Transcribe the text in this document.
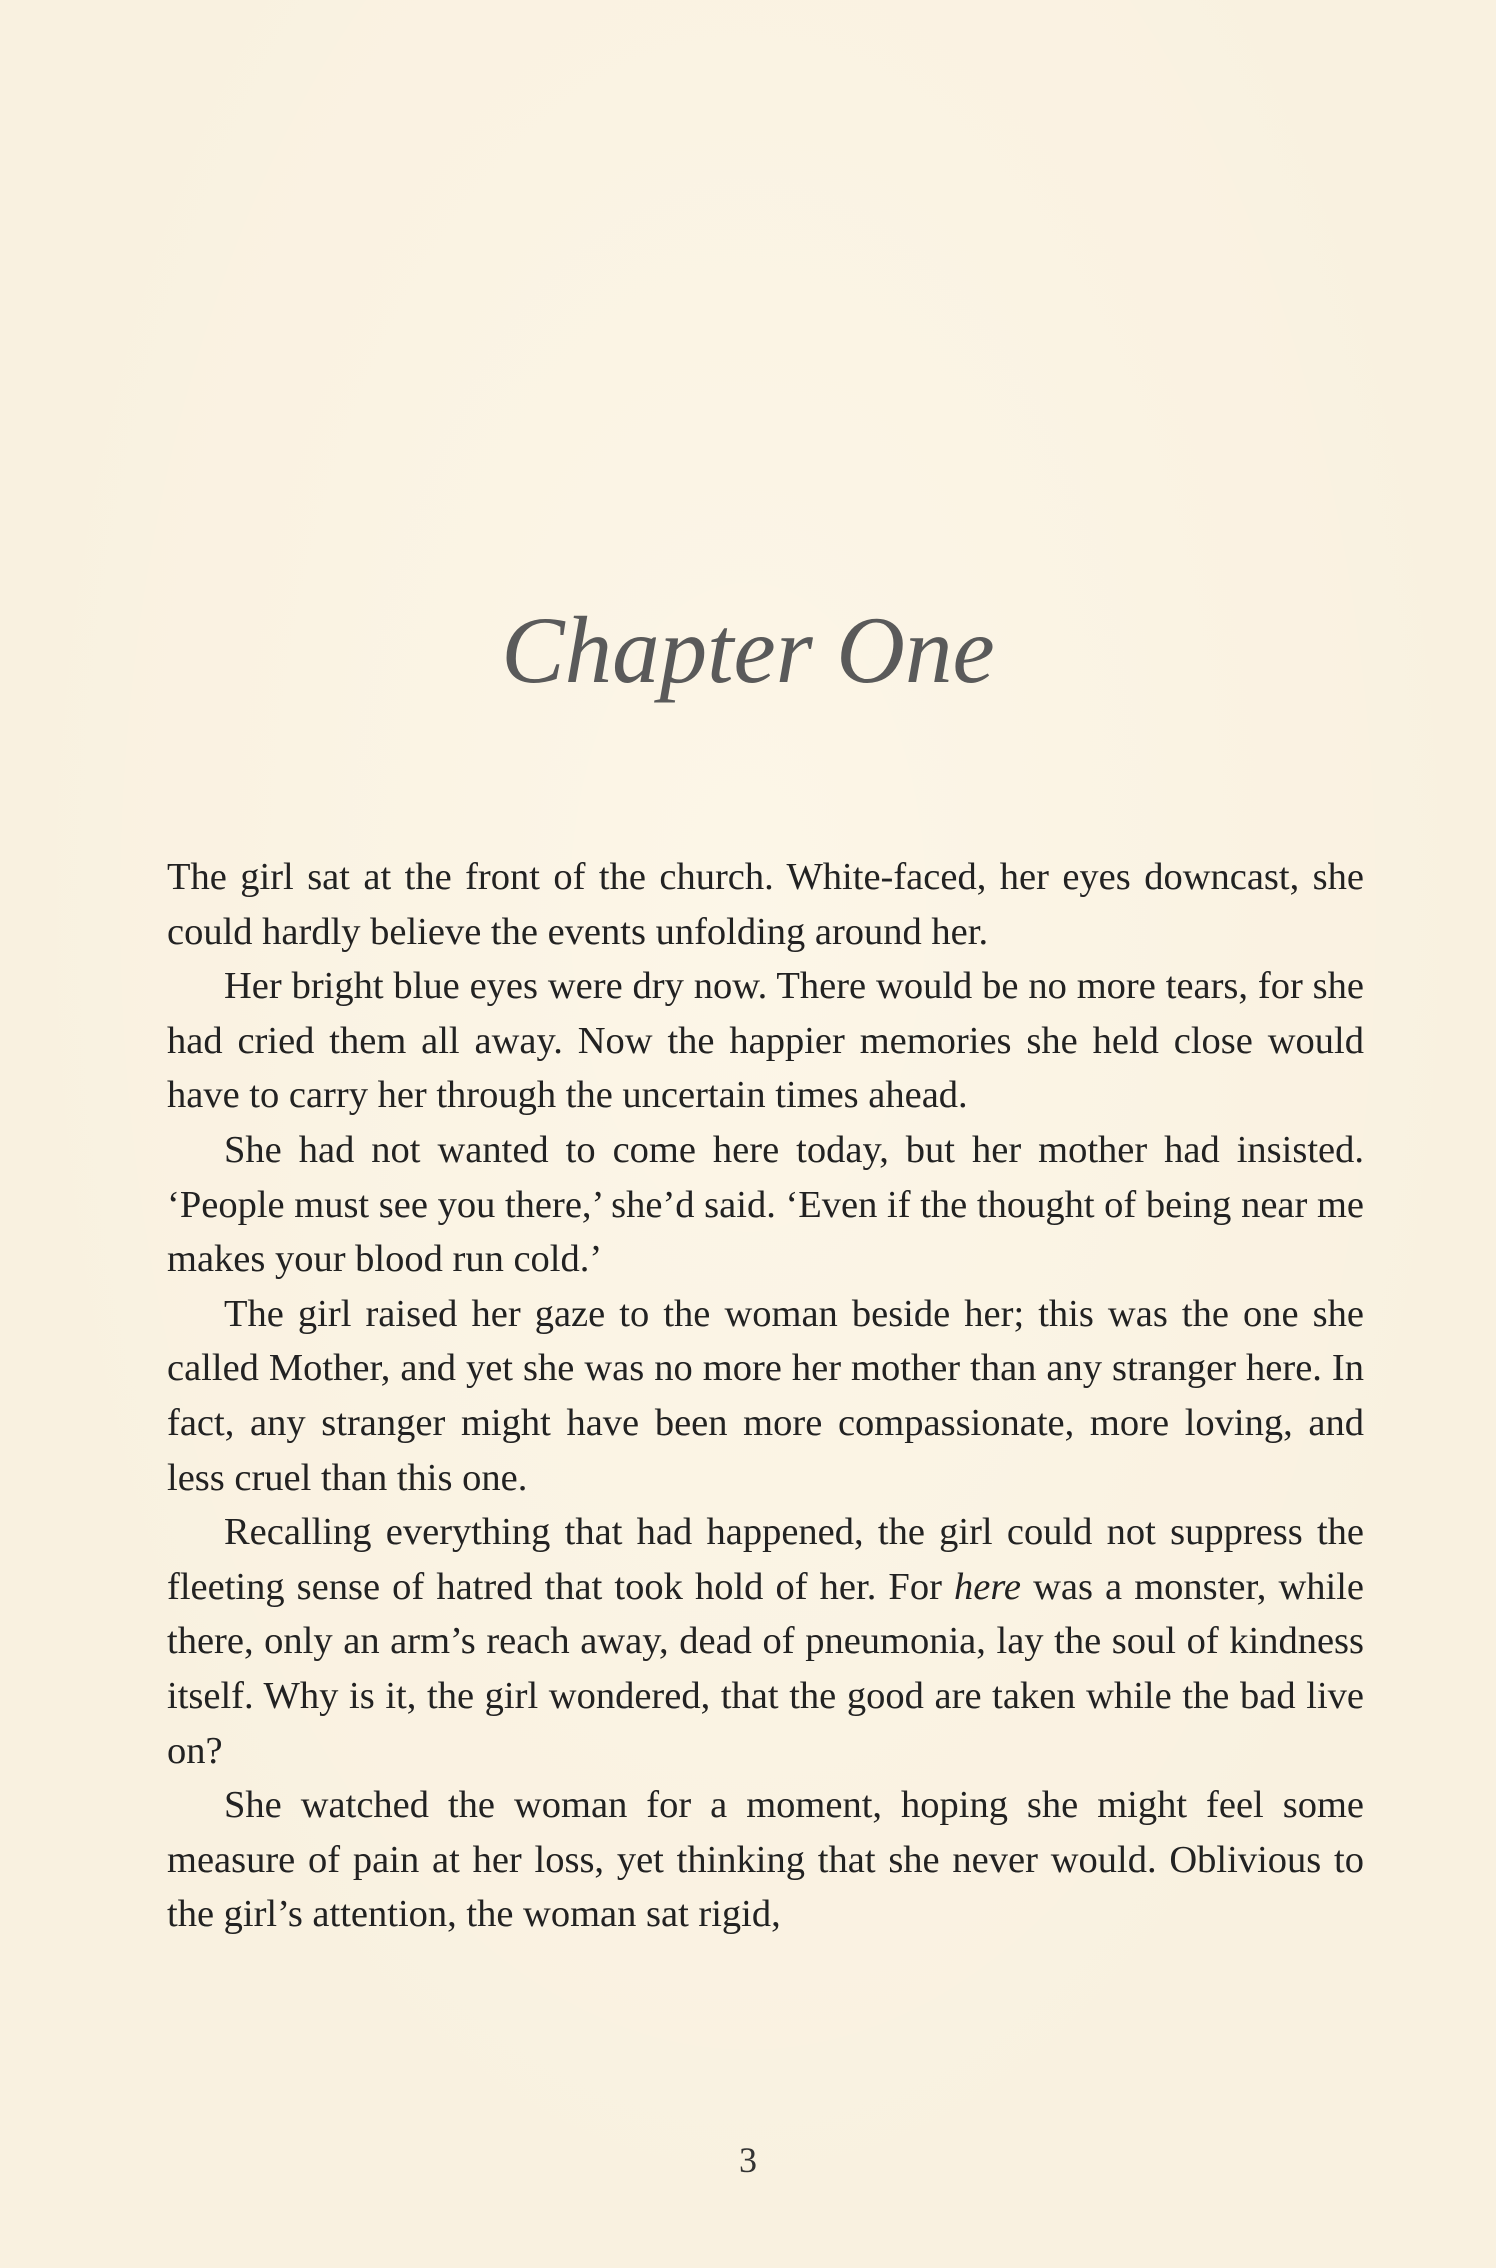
Chapter One

The girl sat at the front of the church. White-faced, her eyes downcast, she could hardly believe the events unfolding around her.

Her bright blue eyes were dry now. There would be no more tears, for she had cried them all away. Now the happier memories she held close would have to carry her through the uncertain times ahead.

She had not wanted to come here today, but her mother had insisted. ‘People must see you there,’ she’d said. ‘Even if the thought of being near me makes your blood run cold.’

The girl raised her gaze to the woman beside her; this was the one she called Mother, and yet she was no more her mother than any stranger here. In fact, any stranger might have been more compassionate, more loving, and less cruel than this one.

Recalling everything that had happened, the girl could not suppress the fleeting sense of hatred that took hold of her. For here was a monster, while there, only an arm’s reach away, dead of pneumonia, lay the soul of kindness itself. Why is it, the girl wondered, that the good are taken while the bad live on?

She watched the woman for a moment, hoping she might feel some measure of pain at her loss, yet thinking that she never would. Oblivious to the girl’s attention, the woman sat rigid,

3
